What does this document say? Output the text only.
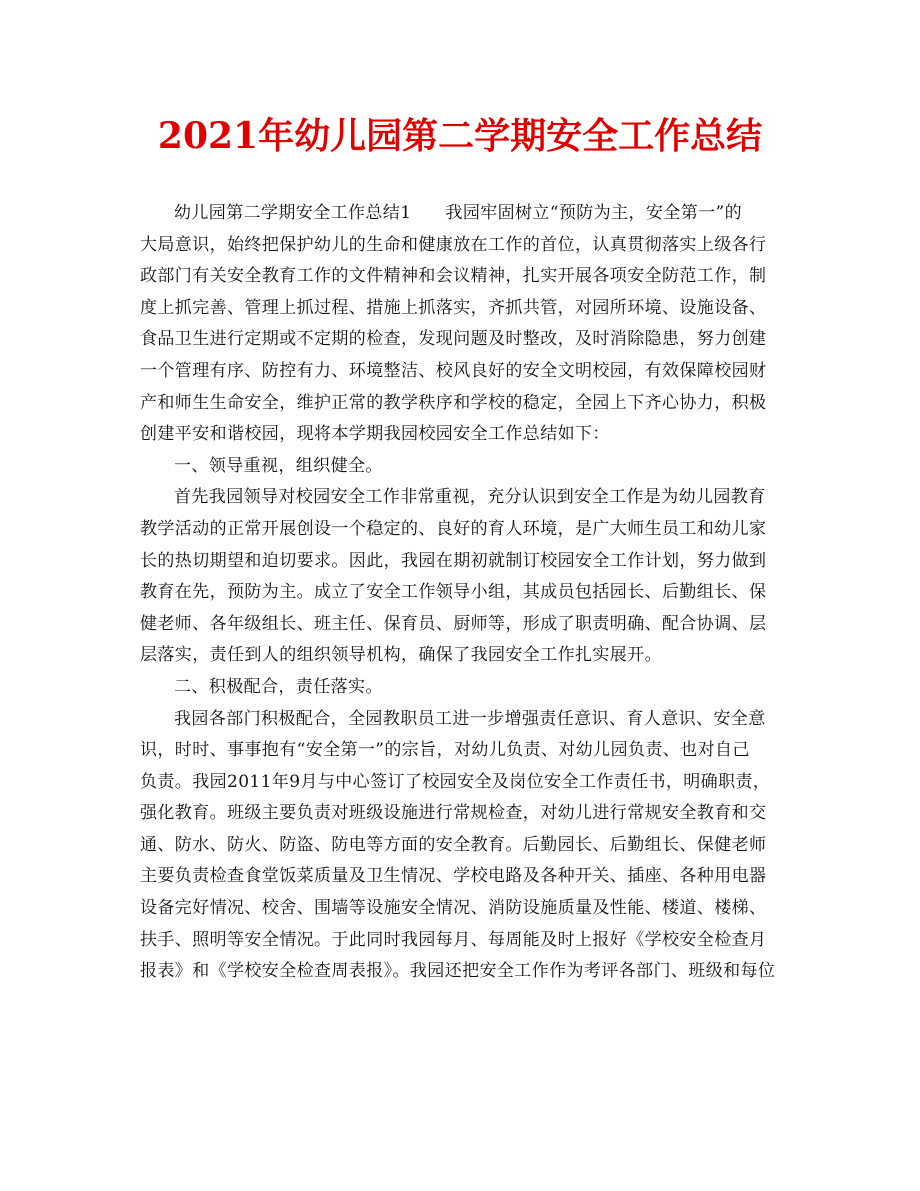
2021年幼儿园第二学期安全工作总结
幼儿园第二学期安全工作总结1 我园牢固树立“预防为主，安全第一”的
大局意识，始终把保护幼儿的生命和健康放在工作的首位，认真贯彻落实上级各行
政部门有关安全教育工作的文件精神和会议精神，扎实开展各项安全防范工作，制
度上抓完善、管理上抓过程、措施上抓落实，齐抓共管，对园所环境、设施设备、
食品卫生进行定期或不定期的检查，发现问题及时整改，及时消除隐患，努力创建
一个管理有序、防控有力、环境整洁、校风良好的安全文明校园，有效保障校园财
产和师生生命安全，维护正常的教学秩序和学校的稳定，全园上下齐心协力，积极
创建平安和谐校园，现将本学期我园校园安全工作总结如下：
一、领导重视，组织健全。
首先我园领导对校园安全工作非常重视，充分认识到安全工作是为幼儿园教育
教学活动的正常开展创设一个稳定的、良好的育人环境，是广大师生员工和幼儿家
长的热切期望和迫切要求。因此，我园在期初就制订校园安全工作计划，努力做到
教育在先，预防为主。成立了安全工作领导小组，其成员包括园长、后勤组长、保
健老师、各年级组长、班主任、保育员、厨师等，形成了职责明确、配合协调、层
层落实，责任到人的组织领导机构，确保了我园安全工作扎实展开。
二、积极配合，责任落实。
我园各部门积极配合，全园教职员工进一步增强责任意识、育人意识、安全意
识，时时、事事抱有“安全第一”的宗旨，对幼儿负责、对幼儿园负责、也对自己
负责。我园2011年9月与中心签订了校园安全及岗位安全工作责任书，明确职责，
强化教育。班级主要负责对班级设施进行常规检查，对幼儿进行常规安全教育和交
通、防水、防火、防盗、防电等方面的安全教育。后勤园长、后勤组长、保健老师
主要负责检查食堂饭菜质量及卫生情况、学校电路及各种开关、插座、各种用电器
设备完好情况、校舍、围墙等设施安全情况、消防设施质量及性能、楼道、楼梯、
扶手、照明等安全情况。于此同时我园每月、每周能及时上报好《学校安全检查月
报表》和《学校安全检查周表报》。我园还把安全工作作为考评各部门、班级和每位
